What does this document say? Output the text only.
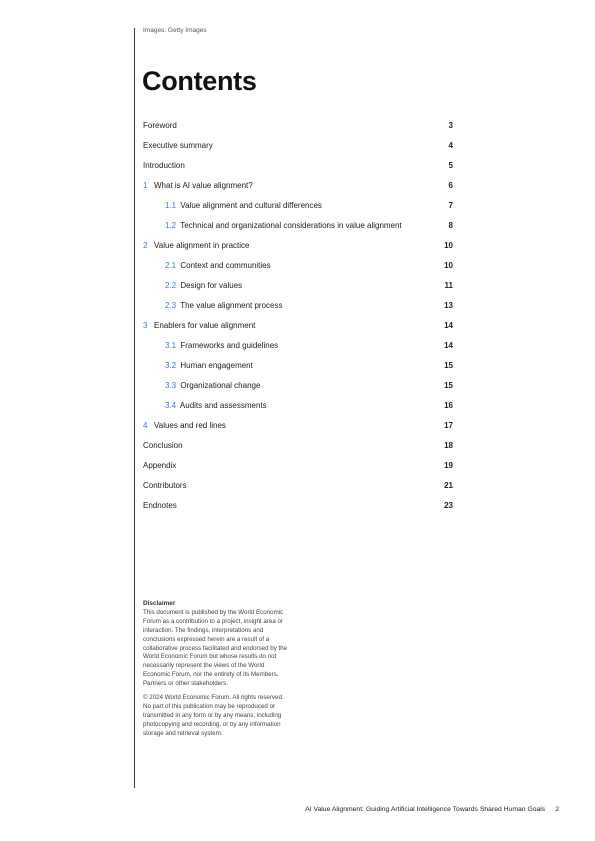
Images: Getty Images
Contents
Foreword	3
Executive summary	4
Introduction	5
1 What is AI value alignment?	6
1.1 Value alignment and cultural differences	7
1.2 Technical and organizational considerations in value alignment	8
2 Value alignment in practice	10
2.1 Context and communities	10
2.2 Design for values	11
2.3 The value alignment process	13
3 Enablers for value alignment	14
3.1 Frameworks and guidelines	14
3.2 Human engagement	15
3.3 Organizational change	15
3.4 Audits and assessments	16
4 Values and red lines	17
Conclusion	18
Appendix	19
Contributors	21
Endnotes	23
Disclaimer

This document is published by the World Economic Forum as a contribution to a project, insight area or interaction. The findings, interpretations and conclusions expressed herein are a result of a collaborative process facilitated and endorsed by the World Economic Forum but whose results do not necessarily represent the views of the World Economic Forum, nor the entirety of its Members, Partners or other stakeholders.

© 2024 World Economic Forum. All rights reserved. No part of this publication may be reproduced or transmitted in any form or by any means, including photocopying and recording, or by any information storage and retrieval system.

AI Value Alignment: Guiding Artificial Intelligence Towards Shared Human Goals 2
